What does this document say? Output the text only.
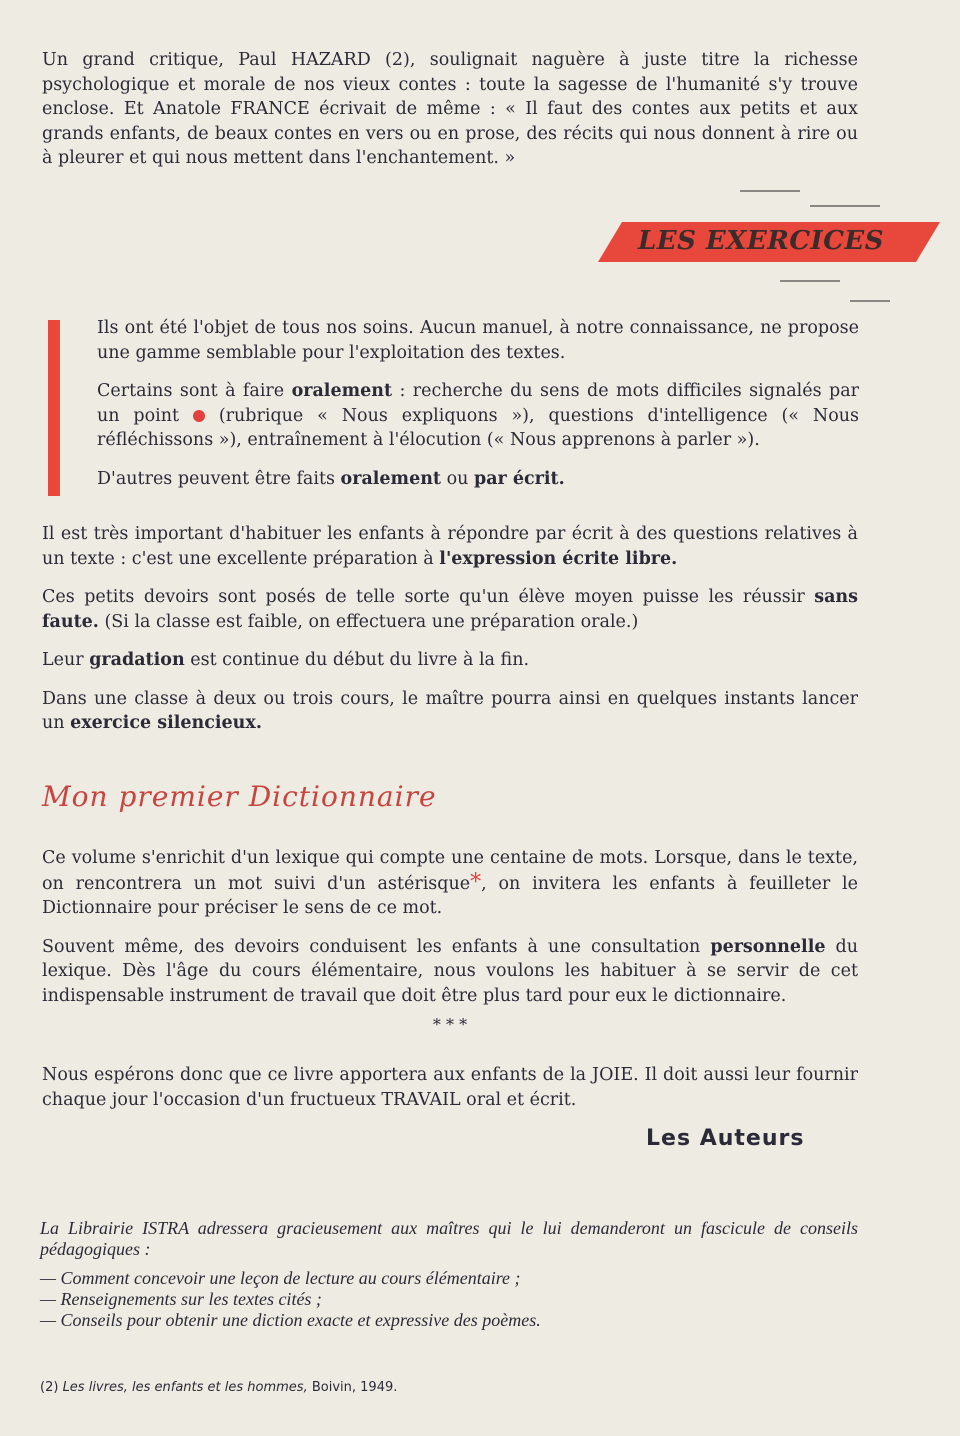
Un grand critique, Paul HAZARD (2), soulignait naguère à juste titre la richesse psychologique et morale de nos vieux contes : toute la sagesse de l'humanité s'y trouve enclose. Et Anatole FRANCE écrivait de même : « Il faut des contes aux petits et aux grands enfants, de beaux contes en vers ou en prose, des récits qui nous donnent à rire ou à pleurer et qui nous mettent dans l'enchantement. »

LES EXERCICES

Ils ont été l'objet de tous nos soins. Aucun manuel, à notre connaissance, ne propose une gamme semblable pour l'exploitation des textes.

Certains sont à faire oralement : recherche du sens de mots difficiles signalés par un point  (rubrique « Nous expliquons »), questions d'intelligence (« Nous réfléchissons »), entraînement à l'élocution (« Nous apprenons à parler »).

D'autres peuvent être faits oralement ou par écrit.

Il est très important d'habituer les enfants à répondre par écrit à des questions relatives à un texte : c'est une excellente préparation à l'expression écrite libre.

Ces petits devoirs sont posés de telle sorte qu'un élève moyen puisse les réussir sans faute. (Si la classe est faible, on effectuera une préparation orale.)

Leur gradation est continue du début du livre à la fin.

Dans une classe à deux ou trois cours, le maître pourra ainsi en quelques instants lancer un exercice silencieux.

Mon premier Dictionnaire

Ce volume s'enrichit d'un lexique qui compte une centaine de mots. Lorsque, dans le texte, on rencontrera un mot suivi d'un astérisque*, on invitera les enfants à feuilleter le Dictionnaire pour préciser le sens de ce mot.

Souvent même, des devoirs conduisent les enfants à une consultation personnelle du lexique. Dès l'âge du cours élémentaire, nous voulons les habituer à se servir de cet indispensable instrument de travail que doit être plus tard pour eux le dictionnaire.

* * *

Nous espérons donc que ce livre apportera aux enfants de la JOIE. Il doit aussi leur fournir chaque jour l'occasion d'un fructueux TRAVAIL oral et écrit.

Les Auteurs
La Librairie ISTRA adressera gracieusement aux maîtres qui le lui demanderont un fascicule de conseils pédagogiques :
— Comment concevoir une leçon de lecture au cours élémentaire ;
— Renseignements sur les textes cités ;
— Conseils pour obtenir une diction exacte et expressive des poèmes.
(2) Les livres, les enfants et les hommes, Boivin, 1949.
